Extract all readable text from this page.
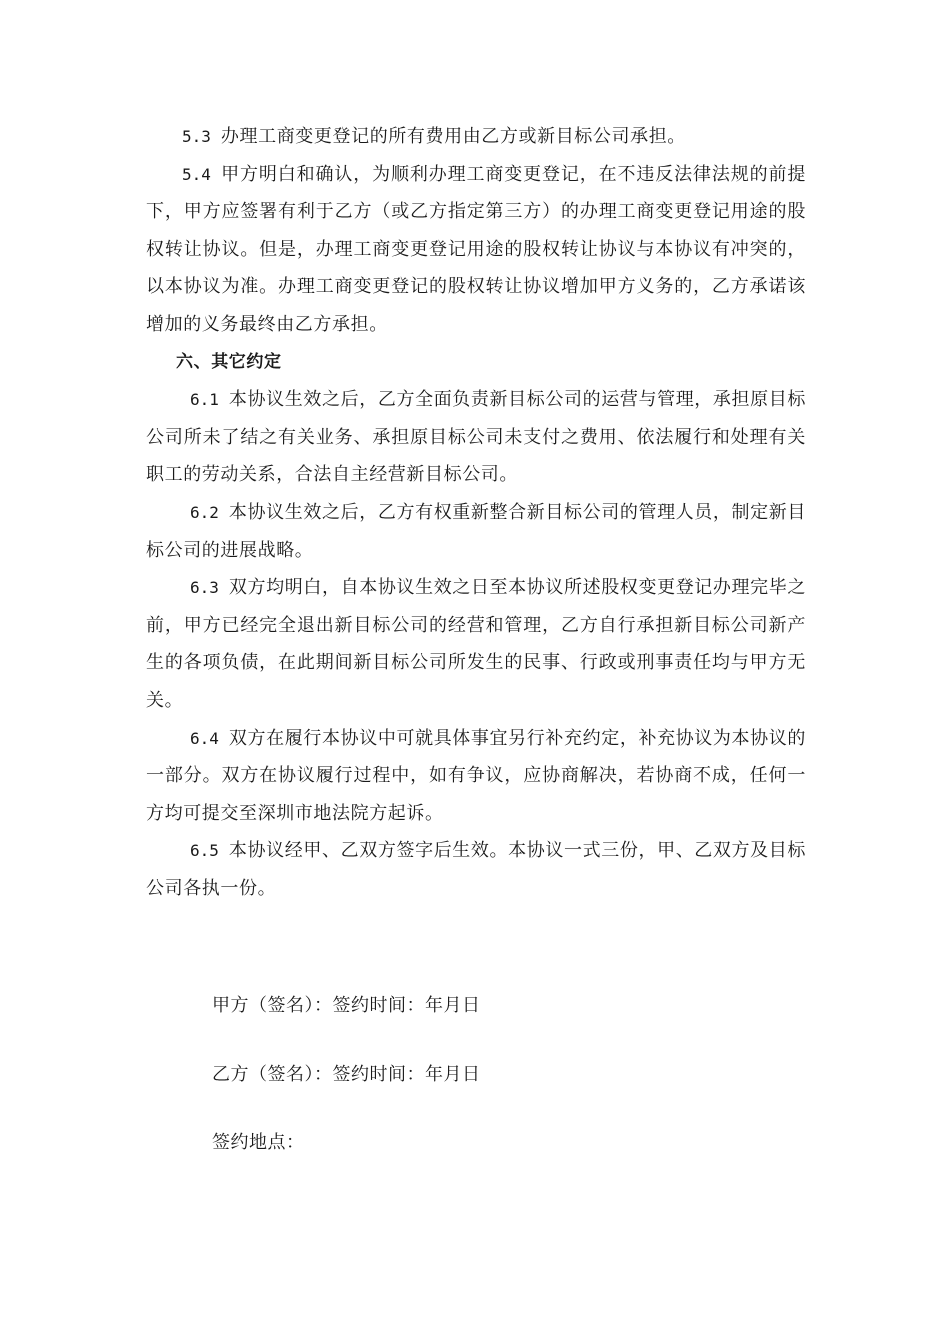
5.3 办理工商变更登记的所有费用由乙方或新目标公司承担。

5.4 甲方明白和确认，为顺利办理工商变更登记，在不违反法律法规的前提下，甲方应签署有利于乙方（或乙方指定第三方）的办理工商变更登记用途的股权转让协议。但是，办理工商变更登记用途的股权转让协议与本协议有冲突的，以本协议为准。办理工商变更登记的股权转让协议增加甲方义务的，乙方承诺该增加的义务最终由乙方承担。

六、其它约定

6.1 本协议生效之后，乙方全面负责新目标公司的运营与管理，承担原目标公司所未了结之有关业务、承担原目标公司未支付之费用、依法履行和处理有关职工的劳动关系，合法自主经营新目标公司。

6.2 本协议生效之后，乙方有权重新整合新目标公司的管理人员，制定新目标公司的进展战略。

6.3 双方均明白，自本协议生效之日至本协议所述股权变更登记办理完毕之前，甲方已经完全退出新目标公司的经营和管理，乙方自行承担新目标公司新产生的各项负债，在此期间新目标公司所发生的民事、行政或刑事责任均与甲方无关。

6.4 双方在履行本协议中可就具体事宜另行补充约定，补充协议为本协议的一部分。双方在协议履行过程中，如有争议，应协商解决，若协商不成，任何一方均可提交至深圳市地法院方起诉。

6.5 本协议经甲、乙双方签字后生效。本协议一式三份，甲、乙双方及目标公司各执一份。

甲方（签名）：签约时间：年月日
乙方（签名）：签约时间：年月日
签约地点：
